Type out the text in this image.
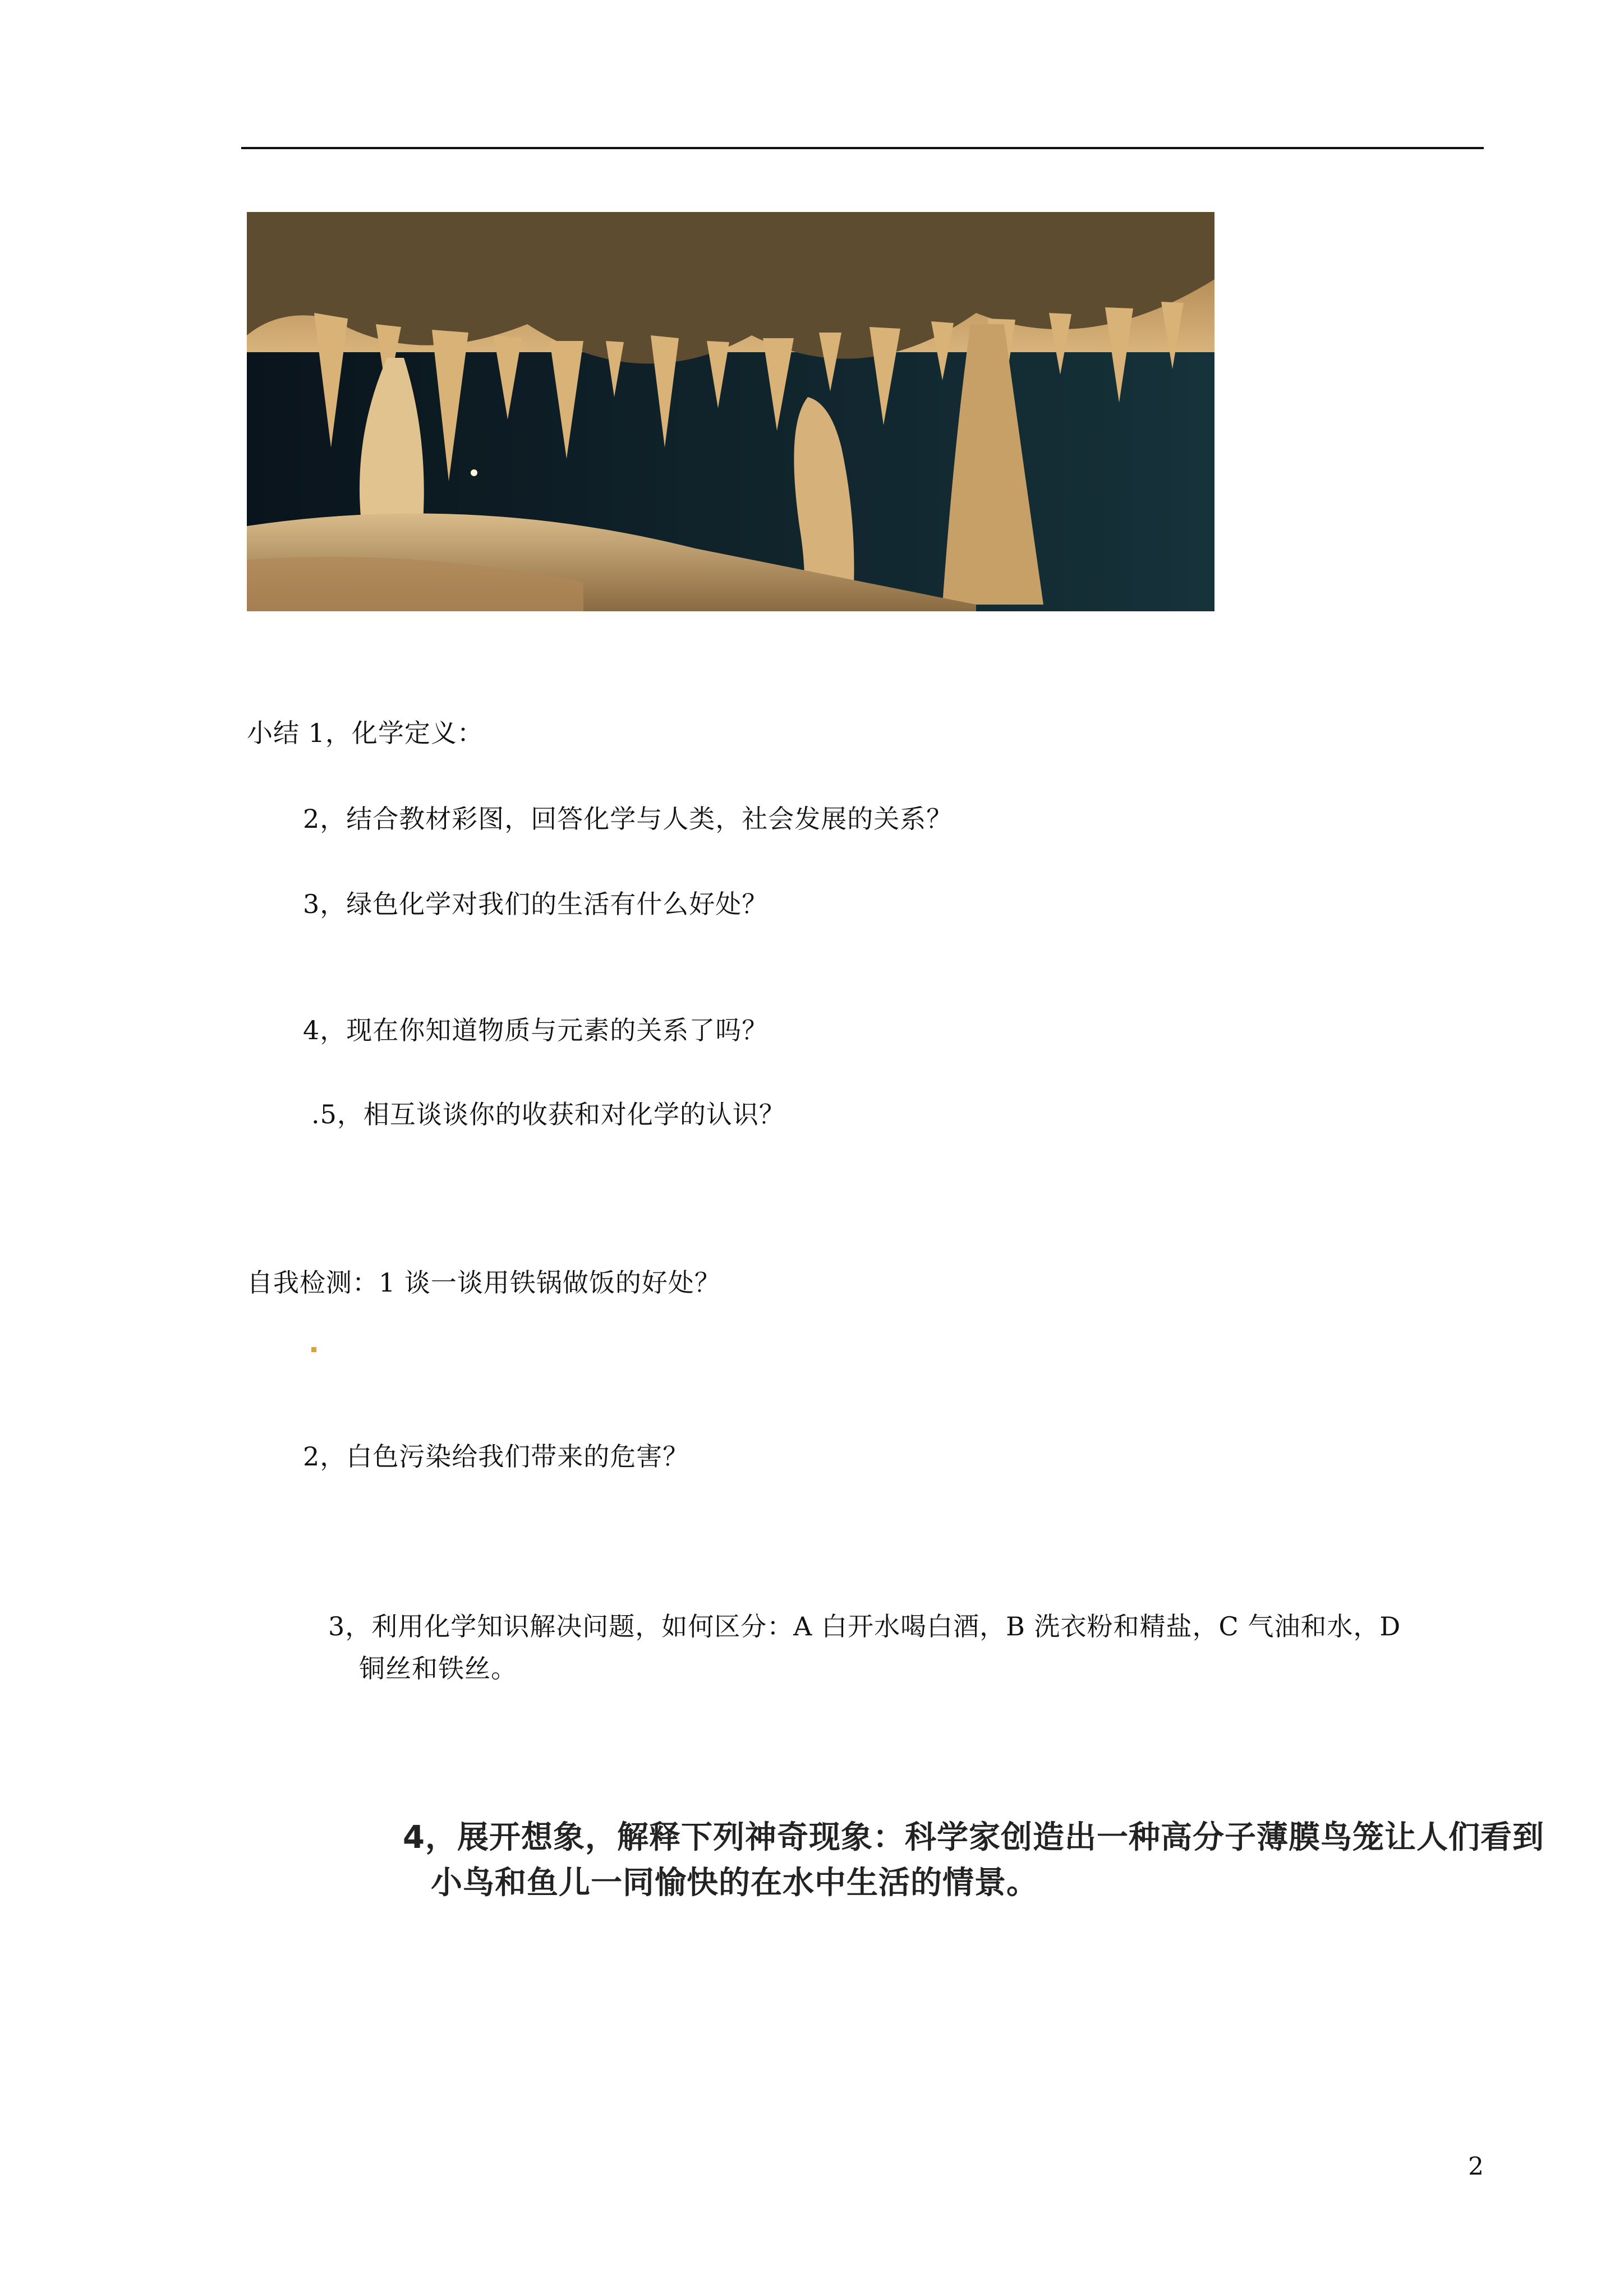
小结 1，化学定义：
2，结合教材彩图，回答化学与人类，社会发展的关系？
3，绿色化学对我们的生活有什么好处？
4，现在你知道物质与元素的关系了吗？
.5，相互谈谈你的收获和对化学的认识？
自我检测：1 谈一谈用铁锅做饭的好处？
2，白色污染给我们带来的危害？
3，利用化学知识解决问题，如何区分：A 白开水喝白酒，B 洗衣粉和精盐，C 气油和水，D
铜丝和铁丝。
4，展开想象，解释下列神奇现象：科学家创造出一种高分子薄膜鸟笼让人们看到
小鸟和鱼儿一同愉快的在水中生活的情景。
2
